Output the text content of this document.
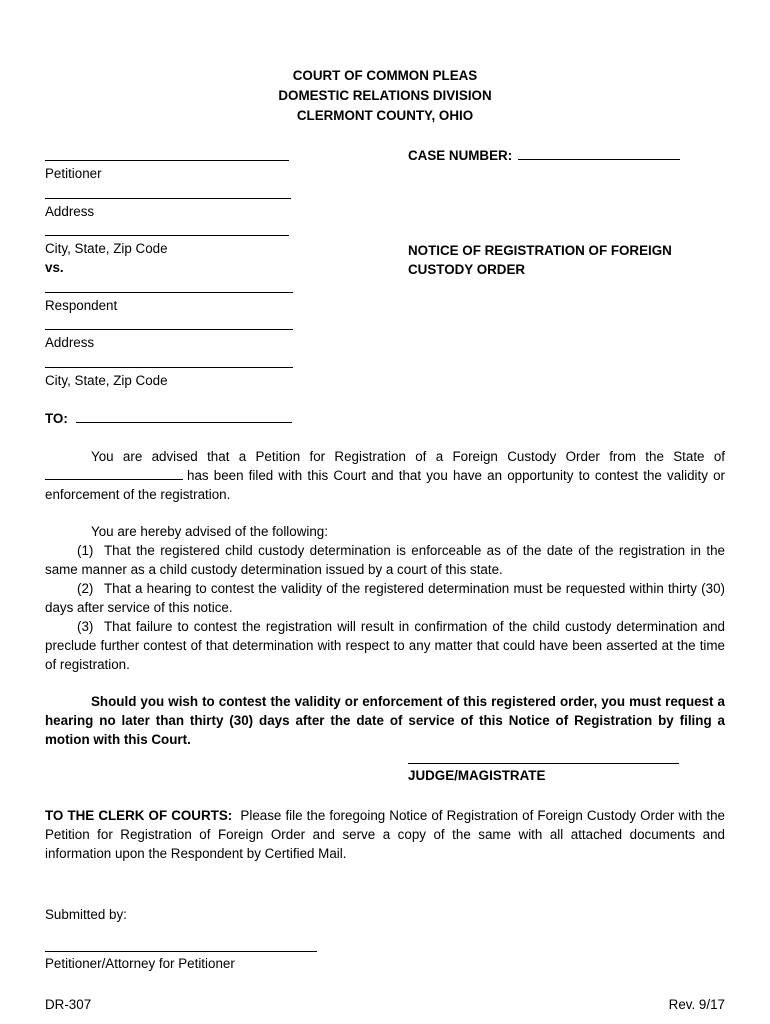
COURT OF COMMON PLEAS
DOMESTIC RELATIONS DIVISION
CLERMONT COUNTY, OHIO
CASE NUMBER:
Petitioner
Address
City, State, Zip Code
vs.
NOTICE OF REGISTRATION OF FOREIGN
CUSTODY ORDER
Respondent
Address
City, State, Zip Code
TO:

You are advised that a Petition for Registration of a Foreign Custody Order from the State of has been filed with this Court and that you have an opportunity to contest the validity or enforcement of the registration.

You are hereby advised of the following:

(1) That the registered child custody determination is enforceable as of the date of the registration in the same manner as a child custody determination issued by a court of this state.

(2) That a hearing to contest the validity of the registered determination must be requested within thirty (30) days after service of this notice.

(3) That failure to contest the registration will result in confirmation of the child custody determination and preclude further contest of that determination with respect to any matter that could have been asserted at the time of registration.

Should you wish to contest the validity or enforcement of this registered order, you must request a hearing no later than thirty (30) days after the date of service of this Notice of Registration by filing a motion with this Court.

JUDGE/MAGISTRATE

TO THE CLERK OF COURTS: Please file the foregoing Notice of Registration of Foreign Custody Order with the Petition for Registration of Foreign Order and serve a copy of the same with all attached documents and information upon the Respondent by Certified Mail.

Submitted by:
Petitioner/Attorney for Petitioner
DR-307	Rev. 9/17
